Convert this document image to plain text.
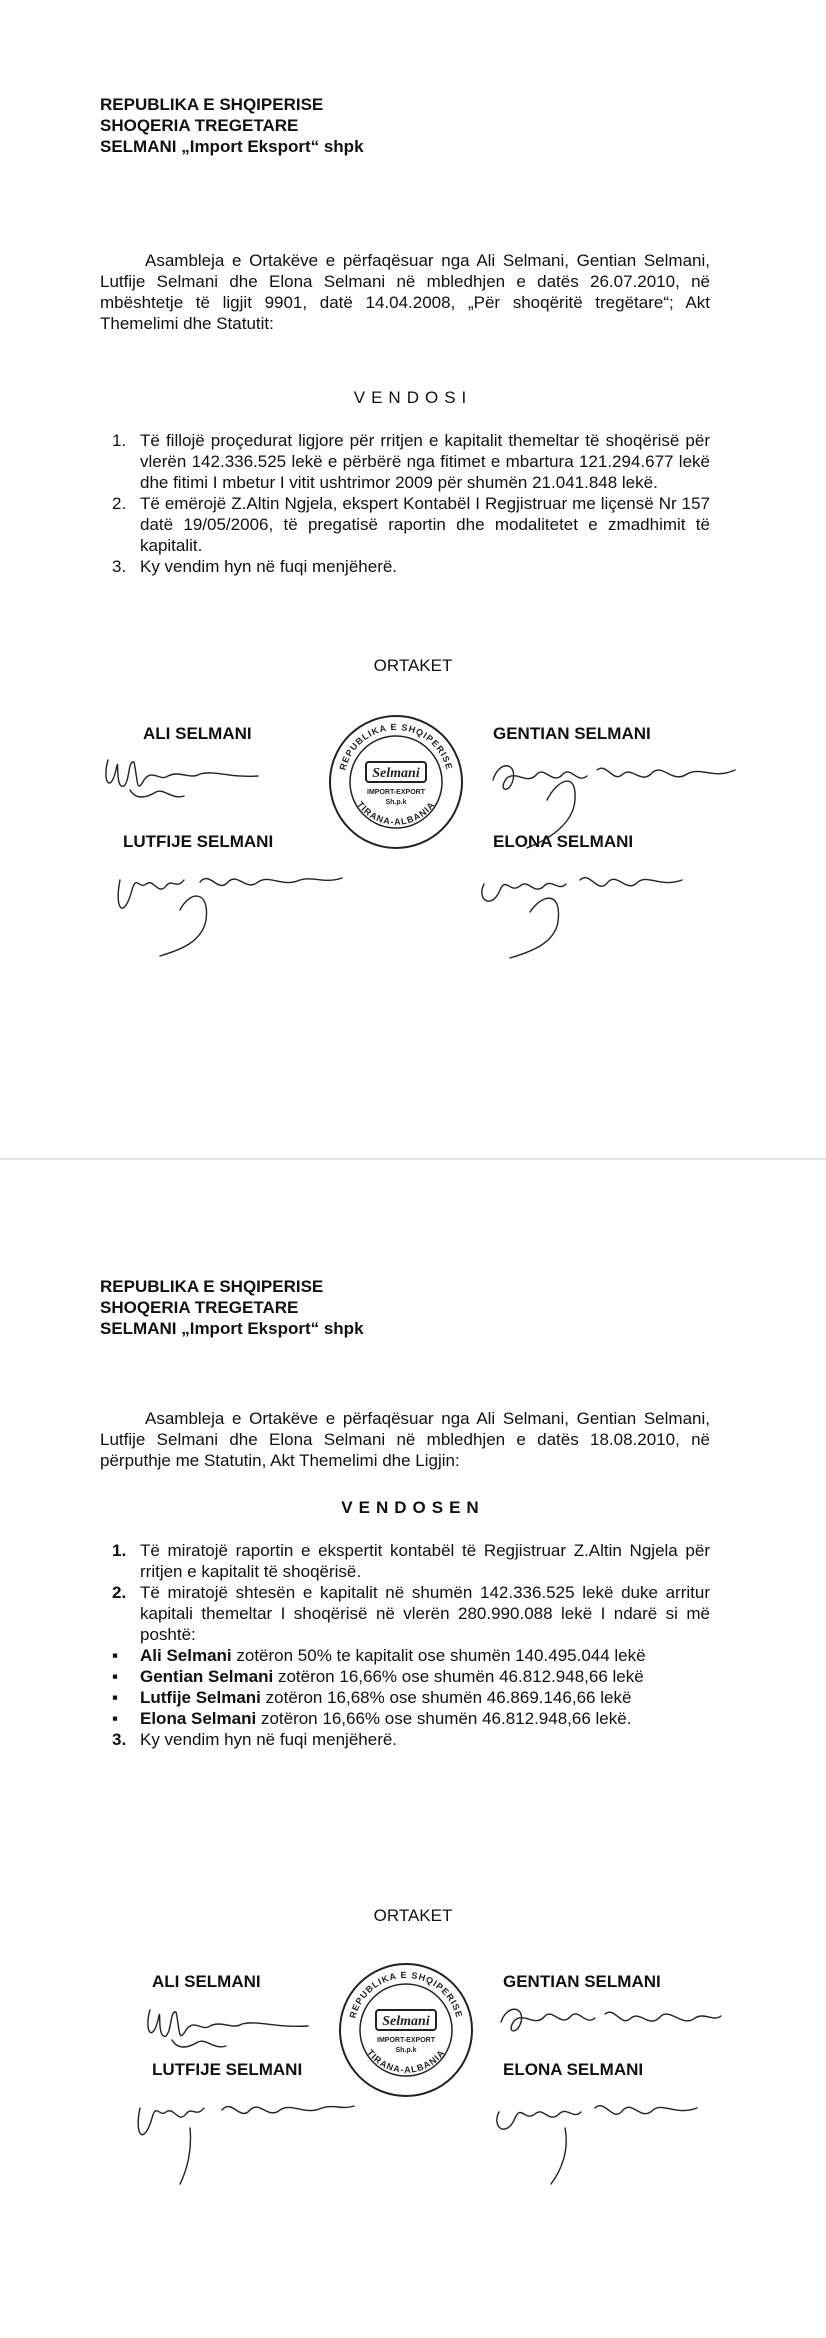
REPUBLIKA E SHQIPERISE
SHOQERIA TREGETARE
SELMANI „Import Eksport“ shpk
Asambleja e Ortakëve e përfaqësuar nga Ali Selmani, Gentian Selmani, Lutfije Selmani dhe Elona Selmani në mbledhjen e datës 26.07.2010, në mbështetje të ligjit 9901, datë 14.04.2008, „Për shoqëritë tregëtare“; Akt Themelimi dhe Statutit:
VENDOSI
1. Të fillojë proçedurat ligjore për rritjen e kapitalit themeltar të shoqërisë për vlerën 142.336.525 lekë e përbërë nga fitimet e mbartura 121.294.677 lekë dhe fitimi I mbetur I vitit ushtrimor 2009 për shumën 21.041.848 lekë.
2. Të emërojë Z.Altin Ngjela, ekspert Kontabël I Regjistruar me liçensë Nr 157 datë 19/05/2006, të pregatisë raportin dhe modalitetet e zmadhimit të kapitalit.
3. Ky vendim hyn në fuqi menjëherë.
ORTAKET
ALI SELMANI	GENTIAN SELMANI
LUTFIJE SELMANI	ELONA SELMANI
REPUBLIKA E SHQIPERISE
TIRANA-ALBANIA
Selmani
IMPORT-EXPORT
Sh.p.k
REPUBLIKA E SHQIPERISE
SHOQERIA TREGETARE
SELMANI „Import Eksport“ shpk
Asambleja e Ortakëve e përfaqësuar nga Ali Selmani, Gentian Selmani, Lutfije Selmani dhe Elona Selmani në mbledhjen e datës 18.08.2010, në përputhje me Statutin, Akt Themelimi dhe Ligjin:
VENDOSEN
1. Të miratojë raportin e ekspertit kontabël të Regjistruar Z.Altin Ngjela për rritjen e kapitalit të shoqërisë.
2. Të miratojë shtesën e kapitalit në shumën 142.336.525 lekë duke arritur kapitali themeltar I shoqërisë në vlerën 280.990.088 lekë I ndarë si më poshtë:
▪ Ali Selmani zotëron 50% te kapitalit ose shumën 140.495.044 lekë
▪ Gentian Selmani zotëron 16,66% ose shumën 46.812.948,66 lekë
▪ Lutfije Selmani zotëron 16,68% ose shumën 46.869.146,66 lekë
▪ Elona Selmani zotëron 16,66% ose shumën 46.812.948,66 lekë.
3. Ky vendim hyn në fuqi menjëherë.
ORTAKET
ALI SELMANI	GENTIAN SELMANI
LUTFIJE SELMANI	ELONA SELMANI
REPUBLIKA E SHQIPERISE
TIRANA-ALBANIA
Selmani
IMPORT-EXPORT
Sh.p.k
